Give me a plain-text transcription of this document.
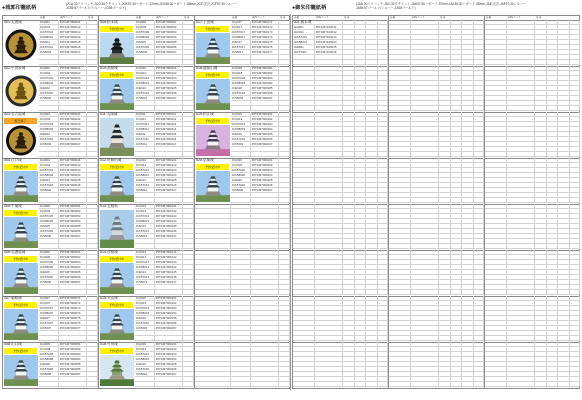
●城郭印籠紙柄
(JCA:30ミリバッチ,JCO:30クチャット,JCK57:30ハガード-57mm,JCK58:30ハガード-58mm,JCE:光沢,JCF57:30シルバー
JC55:57ゴールド/シルバー,JC58ゴールド)
品番	JANコード	在庫
001:大坂城	JCA001	4573467000011
JCO001	4573467000012
JCK57001	4573467000013
JCK58001	4573467000014
JCE001	4573467000015
JCF57001	4573467000016
JC55001	4573467000017
002:小田原城	JCA002	4573467000021
JCO002	4573467000022
JCK57002	4573467000023
JCK58002	4573467000024
JCE002	4573467000025
JCF57002	4573467000026
JC55002	4573467000027
003:名古屋城	JCA003	4573467000031
JCO003	4573467000032
JCK57003	4573467000033
JCK58003	4573467000034
JCE003	4573467000035
JCF57003	4573467000036
JC55003	4573467000037
販売終了
004:江戸城	JCA004	4573467000041
JCO004	4573467000042
JCK57004	4573467000043
JCK58004	4573467000044
JCE004	4573467000045
JCF57004	4573467000046
JC55004	4573467000047
予約受付中
005:千葉城	JCA005	4573467000051
JCO005	4573467000052
JCK57005	4573467000053
JCK58005	4573467000054
JCE005	4573467000055
JCF57005	4573467000056
JC55005	4573467000057
予約受付中
006:名護屋城	JCA006	4573467000061
JCO006	4573467000062
JCK57006	4573467000063
JCK58006	4573467000064
JCE006	4573467000065
JCF57006	4573467000066
JC55006	4573467000067
予約受付中
007:姫路城	JCA007	4573467000071
JCO007	4573467000072
JCK57007	4573467000073
JCK58007	4573467000074
JCE007	4573467000075
JCF57007	4573467000076
JC55007	4573467000077
予約受付中
008:山口城	JCA008	4573467000081
JCO008	4573467000082
JCK57008	4573467000083
JCK58008	4573467000084
JCE008	4573467000085
JCF57008	4573467000086
JC55008	4573467000087
予約受付中
品番	JANコード	在庫
009:松本城	JCA009	4573467000091
JCO009	4573467000092
JCK57009	4573467000093
JCK58009	4573467000094
JCE009	4573467000095
JCF57009	4573467000096
JC55009	4573467000097
予約受付中
010:高知城	JCA010	4573467000101
JCO010	4573467000102
JCK57010	4573467000103
JCK58010	4573467000104
JCE010	4573467000105
JCF57010	4573467000106
JC55010	4573467000107
予約受付中
011:丸岡城	JCA011	4573467000111
JCO011	4573467000112
JCK57011	4573467000113
JCK58011	4573467000114
JCE011	4573467000115
JCF57011	4573467000116
JC55011	4573467000117
012:岸和田城	JCA012	4573467000121
JCO012	4573467000122
JCK57012	4573467000123
JCK58012	4573467000124
JCE012	4573467000125
JCF57012	4573467000126
JC55012	4573467000127
予約受付中
013:五稜郭	JCA013	4573467000131
JCO013	4573467000132
JCK57013	4573467000133
JCK58013	4573467000134
JCE013	4573467000135
JCF57013	4573467000136
JC55013	4573467000137
014:彦根城	JCA014	4573467000141
JCO014	4573467000142
JCK57014	4573467000143
JCK58014	4573467000144
JCE014	4573467000145
JCF57014	4573467000146
JC55014	4573467000147
予約受付中
015:犬山城	JCA015	4573467000151
JCO015	4573467000152
JCK57015	4573467000153
JCK58015	4573467000154
JCE015	4573467000155
JCF57015	4573467000156
JC55015	4573467000157
予約受付中
016:竹田城	JCA016	4573467000161
JCO016	4573467000162
JCK57016	4573467000163
JCK58016	4573467000164
JCE016	4573467000165
JCF57016	4573467000166
JC55016	4573467000167
予約受付中
品番	JANコード	在庫
017:上田城	JCA017	4573467000171
JCO017	4573467000172
JCK57017	4573467000173
JCK58017	4573467000174
JCE017	4573467000175
JCF57017	4573467000176
JC55017	4573467000177
予約受付中
018:福知山城	JCA018	4573467000181
JCO018	4573467000182
JCK57018	4573467000183
JCK58018	4573467000184
JCE018	4573467000185
JCF57018	4573467000186
JC55018	4573467000187
予約受付中
019:松江城	JCA019	4573467000191
JCO019	4573467000192
JCK57019	4573467000193
JCK58019	4573467000194
JCE019	4573467000195
JCF57019	4573467000196
JC55019	4573467000197
予約受付中
020:弘前城	JCA020	4573467000201
JCO020	4573467000202
JCK57020	4573467000203
JCK58020	4573467000204
JCE020	4573467000205
JCF57020	4573467000206
JC55020	4573467000207
予約受付中
●御朱印籠紙柄
(JAA:30ミリバッチ,JAC:30クチャット,JAK57:30ハガード-57mm,JAK58:30ハガード-58mm,JAE:光沢,JAF57:30シルバー
JA55:57ゴールド/シルバー,JA58ゴールド)
品番	JANコード	在庫
001:熊本城
JAA001	4573467100011
JAC001	4573467100012
JAK57001	4573467100013
JAK58001	4573467100014
JAE001	4573467100015
JAF57001	4573467100016
品番	JANコード	在庫	品番	JANコード	在庫
